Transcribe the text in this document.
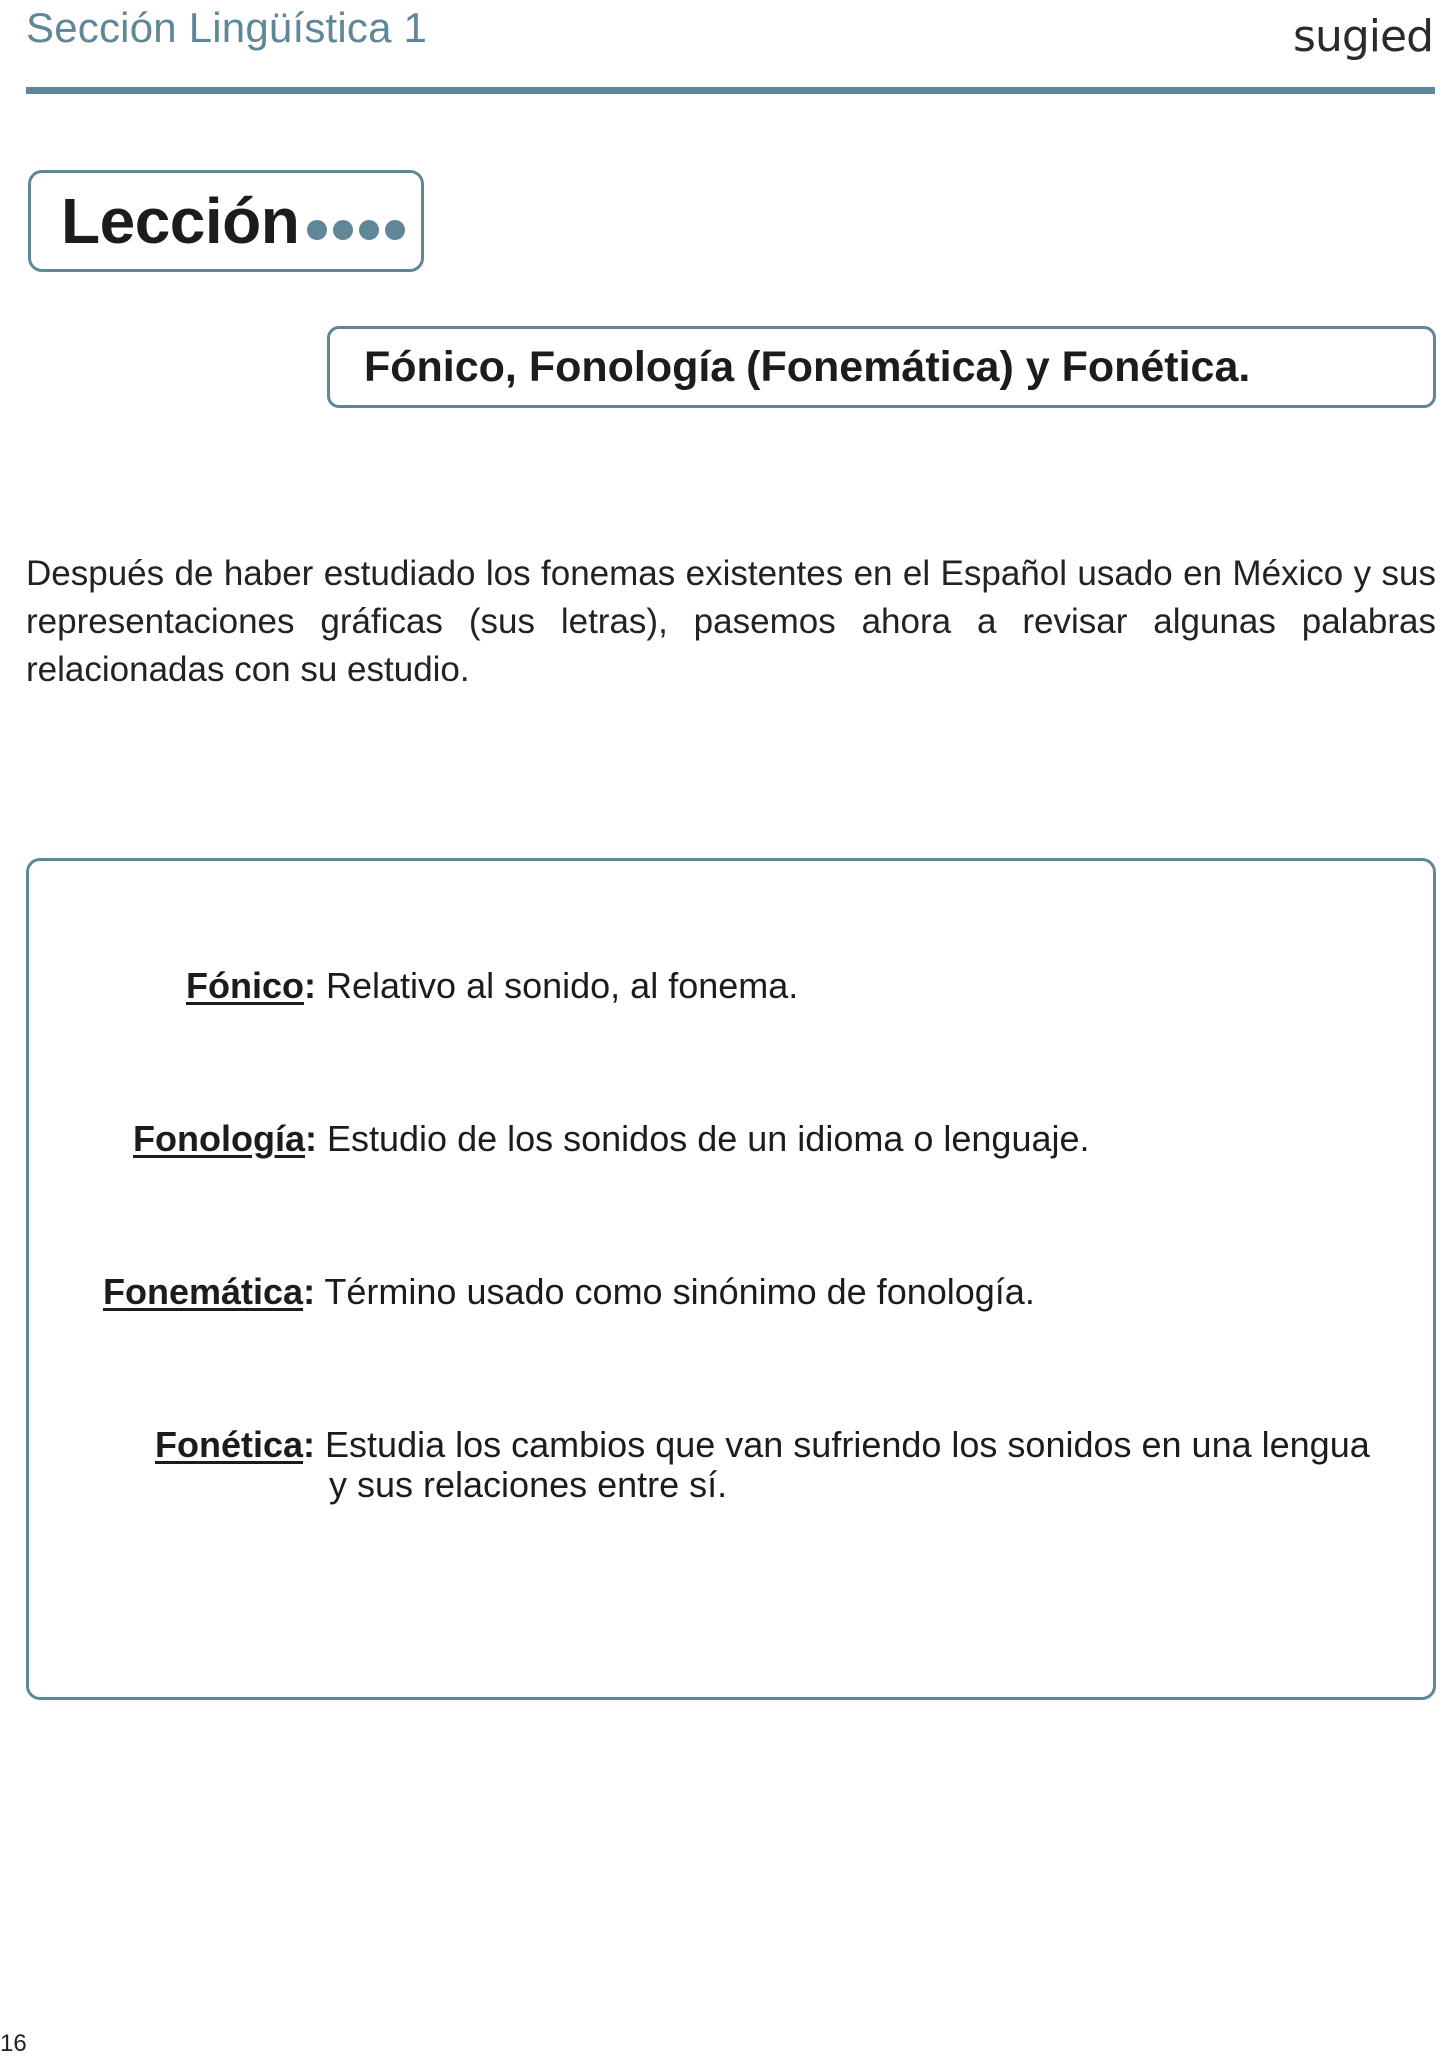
Sección Lingüística 1	sugied
Lección
Fónico, Fonología (Fonemática) y Fonética.

Después de haber estudiado los fonemas existentes en el Español usado en México y sus representaciones gráficas (sus letras), pasemos ahora a revisar algunas palabras relacionadas con su estudio.

Fónico: Relativo al sonido, al fonema.
Fonología: Estudio de los sonidos de un idioma o lenguaje.
Fonemática: Término usado como sinónimo de fonología.
Fonética: Estudia los cambios que van sufriendo los sonidos en una lengua
y sus relaciones entre sí.
16
